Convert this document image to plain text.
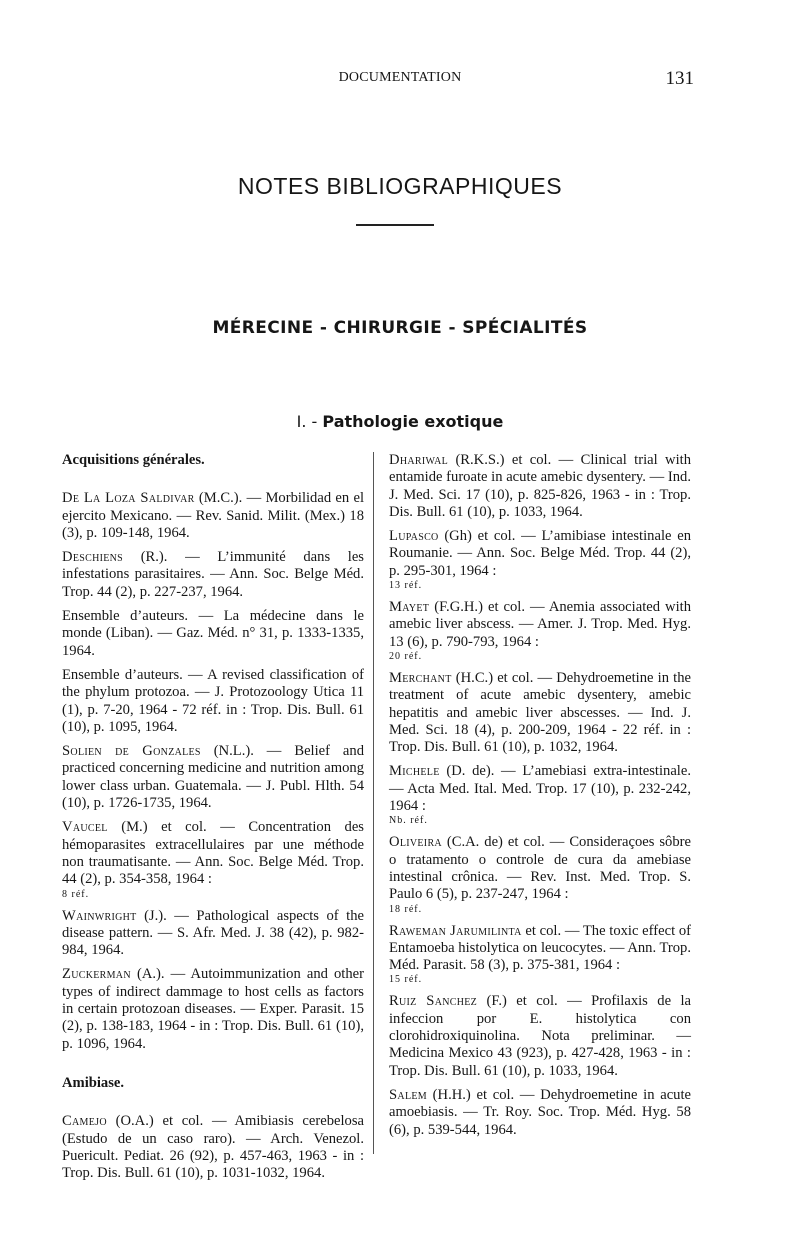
DOCUMENTATION	131
NOTES BIBLIOGRAPHIQUES
MÉRECINE - CHIRURGIE - SPÉCIALITÉS
I. - Pathologie exotique
Acquisitions générales.
De La Loza Saldivar (M.C.). — Morbilidad en el ejercito Mexicano. — Rev. Sanid. Milit. (Mex.) 18 (3), p. 109-148, 1964.
Deschiens (R.). — L’immunité dans les infestations parasitaires. — Ann. Soc. Belge Méd. Trop. 44 (2), p. 227-237, 1964.
Ensemble d’auteurs. — La médecine dans le monde (Liban). — Gaz. Méd. n° 31, p. 1333-1335, 1964.
Ensemble d’auteurs. — A revised classification of the phylum protozoa. — J. Protozoology Utica 11 (1), p. 7-20, 1964 - 72 réf. in : Trop. Dis. Bull. 61 (10), p. 1095, 1964.
Solien de Gonzales (N.L.). — Belief and practiced concerning medicine and nutrition among lower class urban. Guatemala. — J. Publ. Hlth. 54 (10), p. 1726-1735, 1964.
Vaucel (M.) et col. — Concentration des hémoparasites extracellulaires par une méthode non traumatisante. — Ann. Soc. Belge Méd. Trop. 44 (2), p. 354-358, 1964 :
8 réf.
Wainwright (J.). — Pathological aspects of the disease pattern. — S. Afr. Med. J. 38 (42), p. 982-984, 1964.
Zuckerman (A.). — Autoimmunization and other types of indirect dammage to host cells as factors in certain protozoan diseases. — Exper. Parasit. 15 (2), p. 138-183, 1964 - in : Trop. Dis. Bull. 61 (10), p. 1096, 1964.
Amibiase.
Camejo (O.A.) et col. — Amibiasis cerebelosa (Estudo de un caso raro). — Arch. Venezol. Puericult. Pediat. 26 (92), p. 457-463, 1963 - in : Trop. Dis. Bull. 61 (10), p. 1031-1032, 1964.
Dhariwal (R.K.S.) et col. — Clinical trial with entamide furoate in acute amebic dysentery. — Ind. J. Med. Sci. 17 (10), p. 825-826, 1963 - in : Trop. Dis. Bull. 61 (10), p. 1033, 1964.
Lupasco (Gh) et col. — L’amibiase intestinale en Roumanie. — Ann. Soc. Belge Méd. Trop. 44 (2), p. 295-301, 1964 :
13 réf.
Mayet (F.G.H.) et col. — Anemia associated with amebic liver abscess. — Amer. J. Trop. Med. Hyg. 13 (6), p. 790-793, 1964 :
20 réf.
Merchant (H.C.) et col. — Dehydroemetine in the treatment of acute amebic dysentery, amebic hepatitis and amebic liver abscesses. — Ind. J. Med. Sci. 18 (4), p. 200-209, 1964 - 22 réf. in : Trop. Dis. Bull. 61 (10), p. 1032, 1964.
Michele (D. de). — L’amebiasi extra-intestinale. — Acta Med. Ital. Med. Trop. 17 (10), p. 232-242, 1964 :
Nb. réf.
Oliveira (C.A. de) et col. — Consideraçoes sôbre o tratamento o controle de cura da amebiase intestinal crônica. — Rev. Inst. Med. Trop. S. Paulo 6 (5), p. 237-247, 1964 :
18 réf.
Raweman Jarumilinta et col. — The toxic effect of Entamoeba histolytica on leucocytes. — Ann. Trop. Méd. Parasit. 58 (3), p. 375-381, 1964 :
15 réf.
Ruiz Sanchez (F.) et col. — Profilaxis de la infeccion por E. histolytica con clorohidroxiquinolina. Nota preliminar. — Medicina Mexico 43 (923), p. 427-428, 1963 - in : Trop. Dis. Bull. 61 (10), p. 1033, 1964.
Salem (H.H.) et col. — Dehydroemetine in acute amoebiasis. — Tr. Roy. Soc. Trop. Méd. Hyg. 58 (6), p. 539-544, 1964.
